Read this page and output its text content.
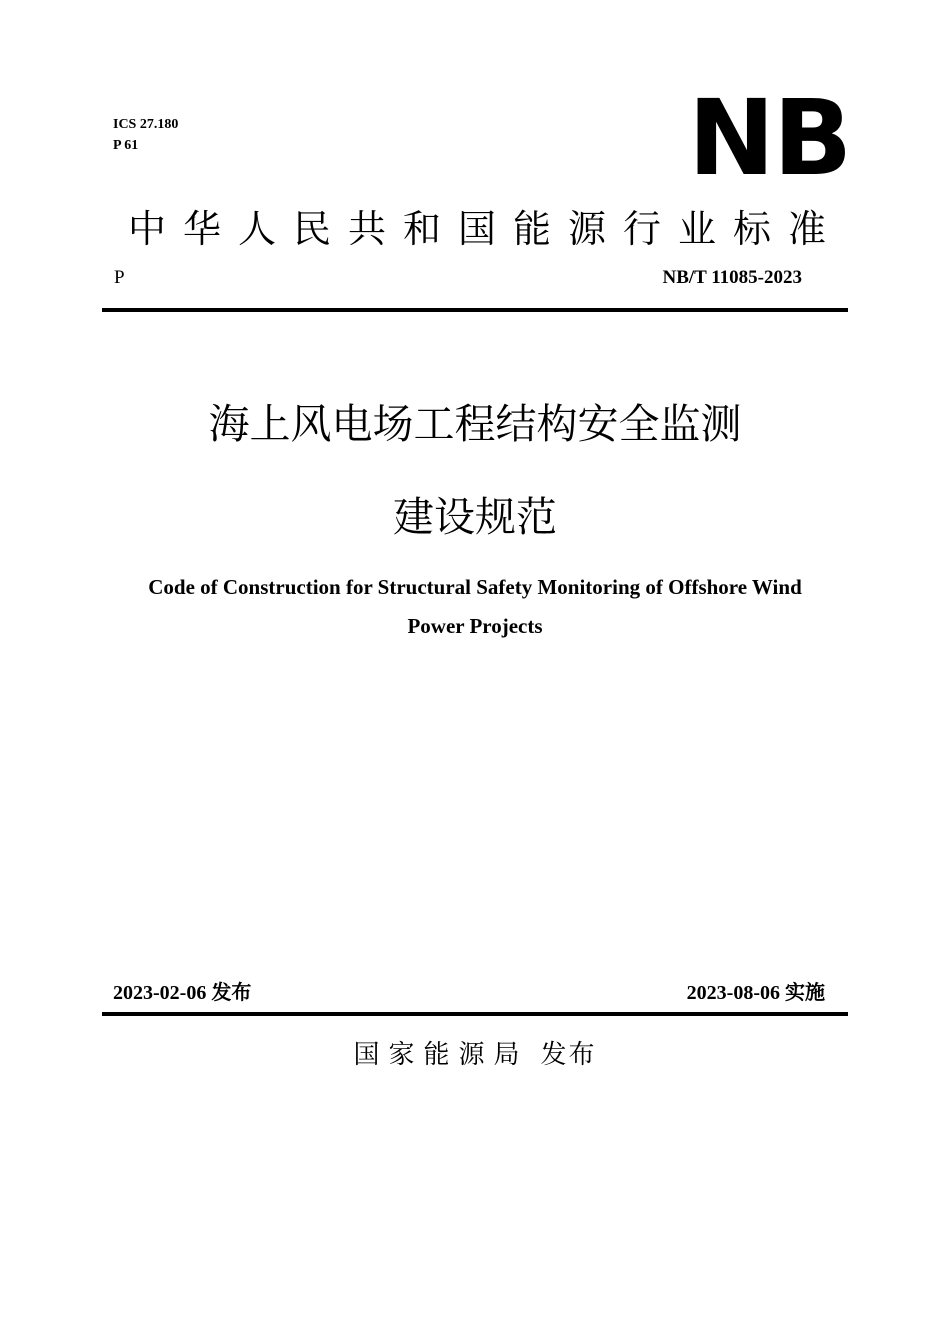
ICS 27.180
P 61	NB
中华人民共和国能源行业标准
P	NB/T 11085-2023
海上风电场工程结构安全监测
建设规范
Code of Construction for Structural Safety Monitoring of Offshore Wind
Power Projects
2023-02-06 发布	2023-08-06 实施
国家能源局 发布
